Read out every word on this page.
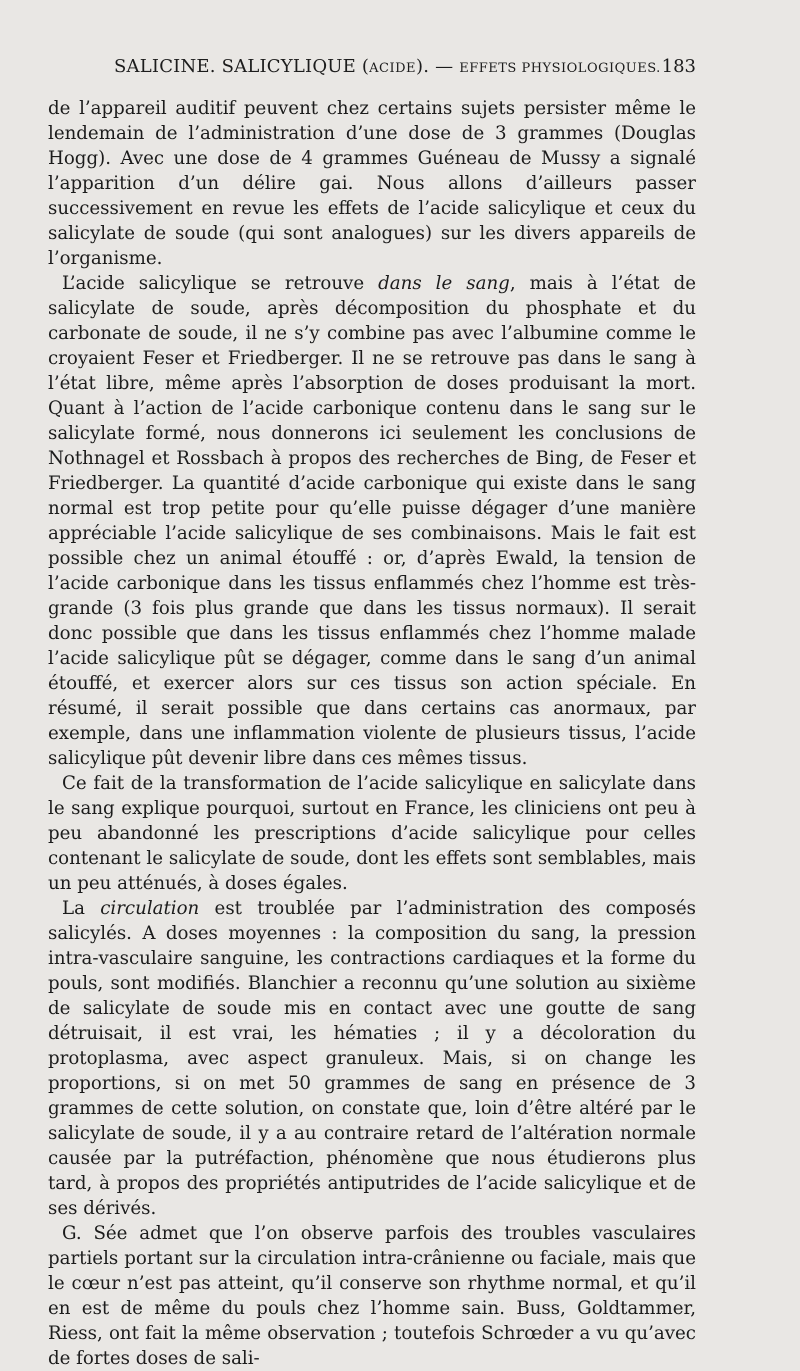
SALICINE. SALICYLIQUE (ACIDE). — EFFETS PHYSIOLOGIQUES. 183

de l’appareil auditif peuvent chez certains sujets persister même le lendemain de l’administration d’une dose de 3 grammes (Douglas Hogg). Avec une dose de 4 grammes Guéneau de Mussy a signalé l’apparition d’un délire gai. Nous allons d’ailleurs passer successivement en revue les effets de l’acide salicylique et ceux du salicylate de soude (qui sont analogues) sur les divers appareils de l’organisme.

L’acide salicylique se retrouve dans le sang, mais à l’état de salicylate de soude, après décomposition du phosphate et du carbonate de soude, il ne s’y combine pas avec l’albumine comme le croyaient Feser et Friedberger. Il ne se retrouve pas dans le sang à l’état libre, même après l’absorption de doses produisant la mort. Quant à l’action de l’acide carbonique contenu dans le sang sur le salicylate formé, nous donnerons ici seulement les conclusions de Nothnagel et Rossbach à propos des recherches de Bing, de Feser et Friedberger. La quantité d’acide carbonique qui existe dans le sang normal est trop petite pour qu’elle puisse dégager d’une manière appréciable l’acide salicylique de ses combinaisons. Mais le fait est possible chez un animal étouffé : or, d’après Ewald, la tension de l’acide carbonique dans les tissus enflammés chez l’homme est très-grande (3 fois plus grande que dans les tissus normaux). Il serait donc possible que dans les tissus enflammés chez l’homme malade l’acide salicylique pût se dégager, comme dans le sang d’un animal étouffé, et exercer alors sur ces tissus son action spéciale. En résumé, il serait possible que dans certains cas anormaux, par exemple, dans une inflammation violente de plusieurs tissus, l’acide salicylique pût devenir libre dans ces mêmes tissus.

Ce fait de la transformation de l’acide salicylique en salicylate dans le sang explique pourquoi, surtout en France, les cliniciens ont peu à peu abandonné les prescriptions d’acide salicylique pour celles contenant le salicylate de soude, dont les effets sont semblables, mais un peu atténués, à doses égales.

La circulation est troublée par l’administration des composés salicylés. A doses moyennes : la composition du sang, la pression intra-vasculaire sanguine, les contractions cardiaques et la forme du pouls, sont modifiés. Blanchier a reconnu qu’une solution au sixième de salicylate de soude mis en contact avec une goutte de sang détruisait, il est vrai, les hématies ; il y a décoloration du protoplasma, avec aspect granuleux. Mais, si on change les proportions, si on met 50 grammes de sang en présence de 3 grammes de cette solution, on constate que, loin d’être altéré par le salicylate de soude, il y a au contraire retard de l’altération normale causée par la putréfaction, phénomène que nous étudierons plus tard, à propos des propriétés antiputrides de l’acide salicylique et de ses dérivés.

G. Sée admet que l’on observe parfois des troubles vasculaires partiels portant sur la circulation intra-crânienne ou faciale, mais que le cœur n’est pas atteint, qu’il conserve son rhythme normal, et qu’il en est de même du pouls chez l’homme sain. Buss, Goldtammer, Riess, ont fait la même observation ; toutefois Schrœder a vu qu’avec de fortes doses de sali-
